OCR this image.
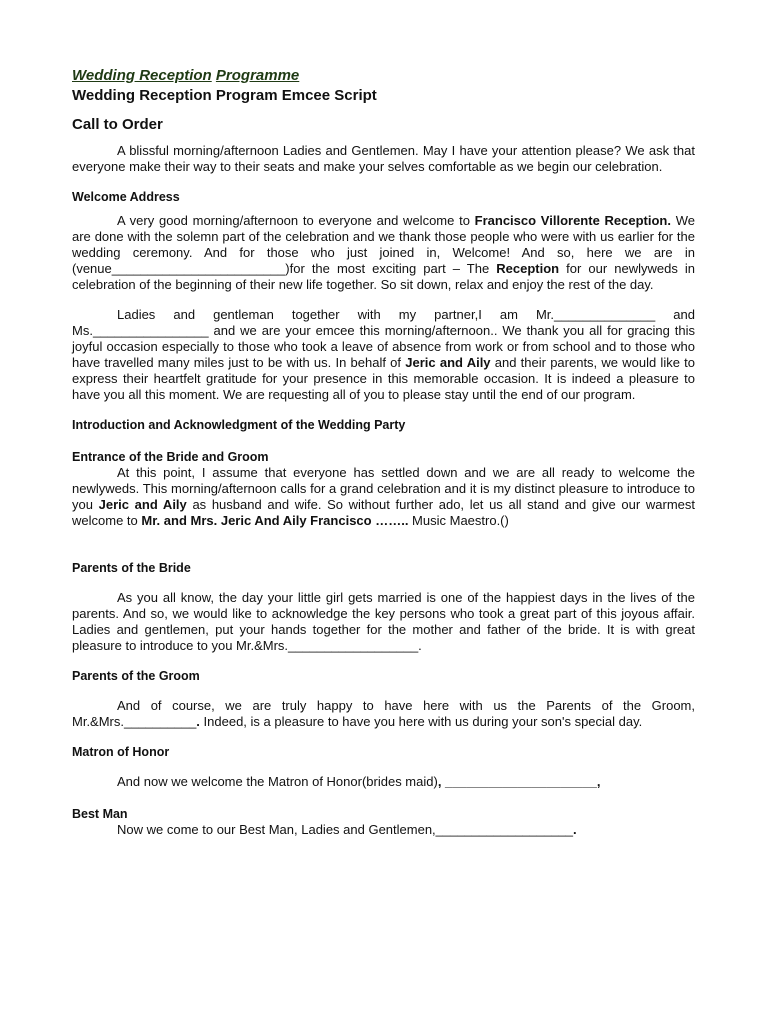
Wedding Reception Programme
Wedding Reception Program Emcee Script
Call to Order

A blissful morning/afternoon Ladies and Gentlemen. May I have your attention please? We ask that everyone make their way to their seats and make your selves comfortable as we begin our celebration.

Welcome Address

A very good morning/afternoon to everyone and welcome to Francisco Villorente Reception. We are done with the solemn part of the celebration and we thank those people who were with us earlier for the wedding ceremony. And for those who just joined in, Welcome! And so, here we are in (venue________________________)for the most exciting part – The Reception for our newlyweds in celebration of the beginning of their new life together. So sit down, relax and enjoy the rest of the day.

Ladies and gentleman together with my partner,I am Mr.______________ and Ms.________________ and we are your emcee this morning/afternoon.. We thank you all for gracing this joyful occasion especially to those who took a leave of absence from work or from school and to those who have travelled many miles just to be with us. In behalf of Jeric and Aily and their parents, we would like to express their heartfelt gratitude for your presence in this memorable occasion. It is indeed a pleasure to have you all this moment. We are requesting all of you to please stay until the end of our program.

Introduction and Acknowledgment of the Wedding Party
Entrance of the Bride and Groom

At this point, I assume that everyone has settled down and we are all ready to welcome the newlyweds. This morning/afternoon calls for a grand celebration and it is my distinct pleasure to introduce to you Jeric and Aily as husband and wife. So without further ado, let us all stand and give our warmest welcome to Mr. and Mrs. Jeric And Aily Francisco …….. Music Maestro.()

Parents of the Bride

As you all know, the day your little girl gets married is one of the happiest days in the lives of the parents. And so, we would like to acknowledge the key persons who took a great part of this joyous affair. Ladies and gentlemen, put your hands together for the mother and father of the bride. It is with great pleasure to introduce to you Mr.&Mrs.__________________.

Parents of the Groom

And of course, we are truly happy to have here with us the Parents of the Groom, Mr.&Mrs.__________. Indeed, is a pleasure to have you here with us during your son's special day.

Matron of Honor

And now we welcome the Matron of Honor(brides maid), _____________________,

Best Man

Now we come to our Best Man, Ladies and Gentlemen,___________________.
